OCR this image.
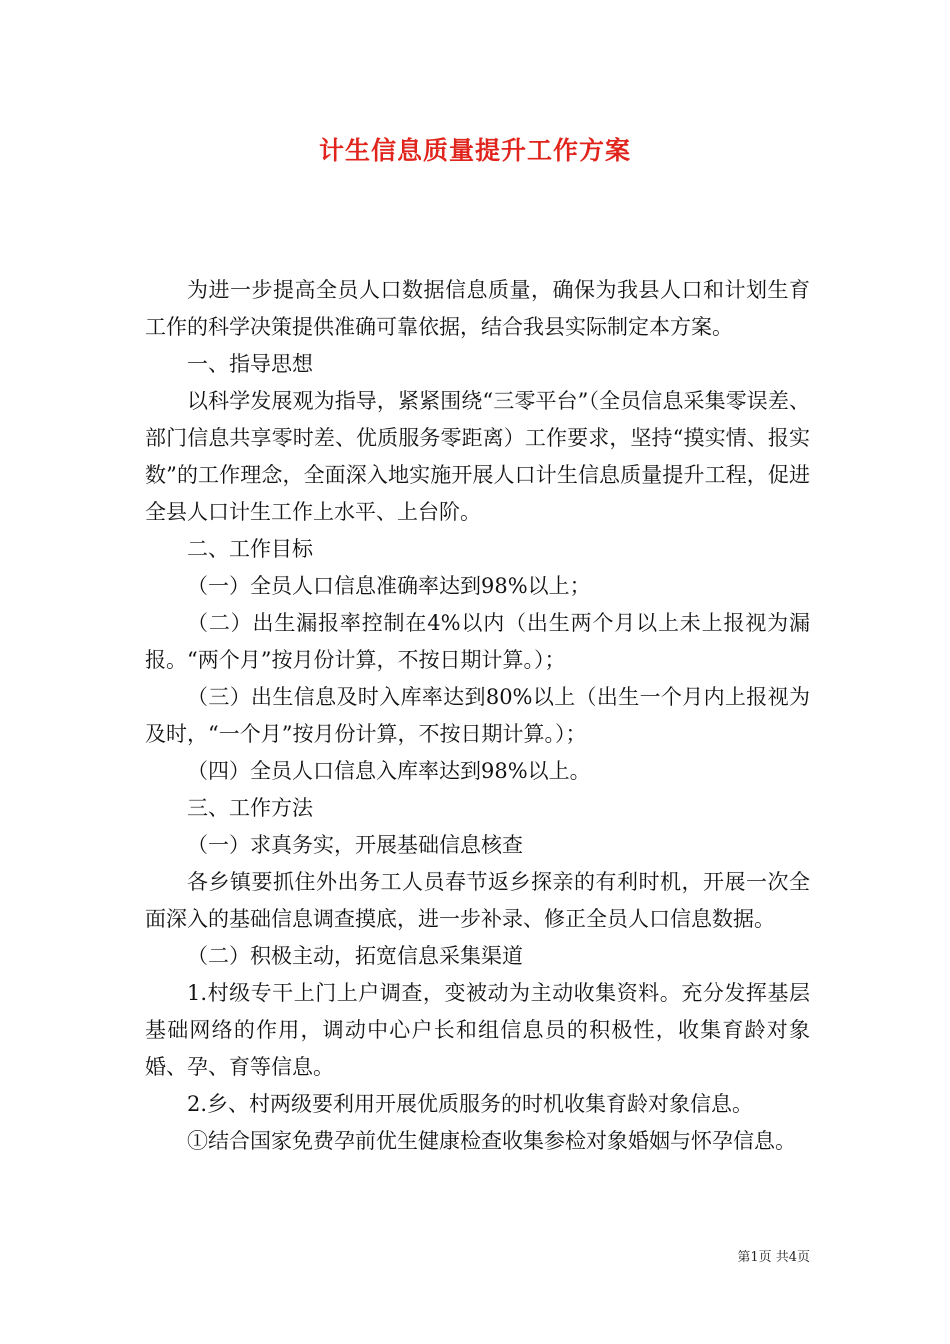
计生信息质量提升工作方案

为进一步提高全员人口数据信息质量，确保为我县人口和计划生育工作的科学决策提供准确可靠依据，结合我县实际制定本方案。

一、指导思想

以科学发展观为指导，紧紧围绕“三零平台”（全员信息采集零误差、部门信息共享零时差、优质服务零距离）工作要求，坚持“摸实情、报实数”的工作理念，全面深入地实施开展人口计生信息质量提升工程，促进全县人口计生工作上水平、上台阶。

二、工作目标

（一）全员人口信息准确率达到98%以上；

（二）出生漏报率控制在4%以内（出生两个月以上未上报视为漏报。“两个月”按月份计算，不按日期计算。）；

（三）出生信息及时入库率达到80%以上（出生一个月内上报视为及时，“一个月”按月份计算，不按日期计算。）；

（四）全员人口信息入库率达到98%以上。

三、工作方法

（一）求真务实，开展基础信息核查

各乡镇要抓住外出务工人员春节返乡探亲的有利时机，开展一次全面深入的基础信息调查摸底，进一步补录、修正全员人口信息数据。

（二）积极主动，拓宽信息采集渠道

1.村级专干上门上户调查，变被动为主动收集资料。充分发挥基层基础网络的作用，调动中心户长和组信息员的积极性，收集育龄对象婚、孕、育等信息。

2.乡、村两级要利用开展优质服务的时机收集育龄对象信息。

①结合国家免费孕前优生健康检查收集参检对象婚姻与怀孕信息。

第1页 共4页
